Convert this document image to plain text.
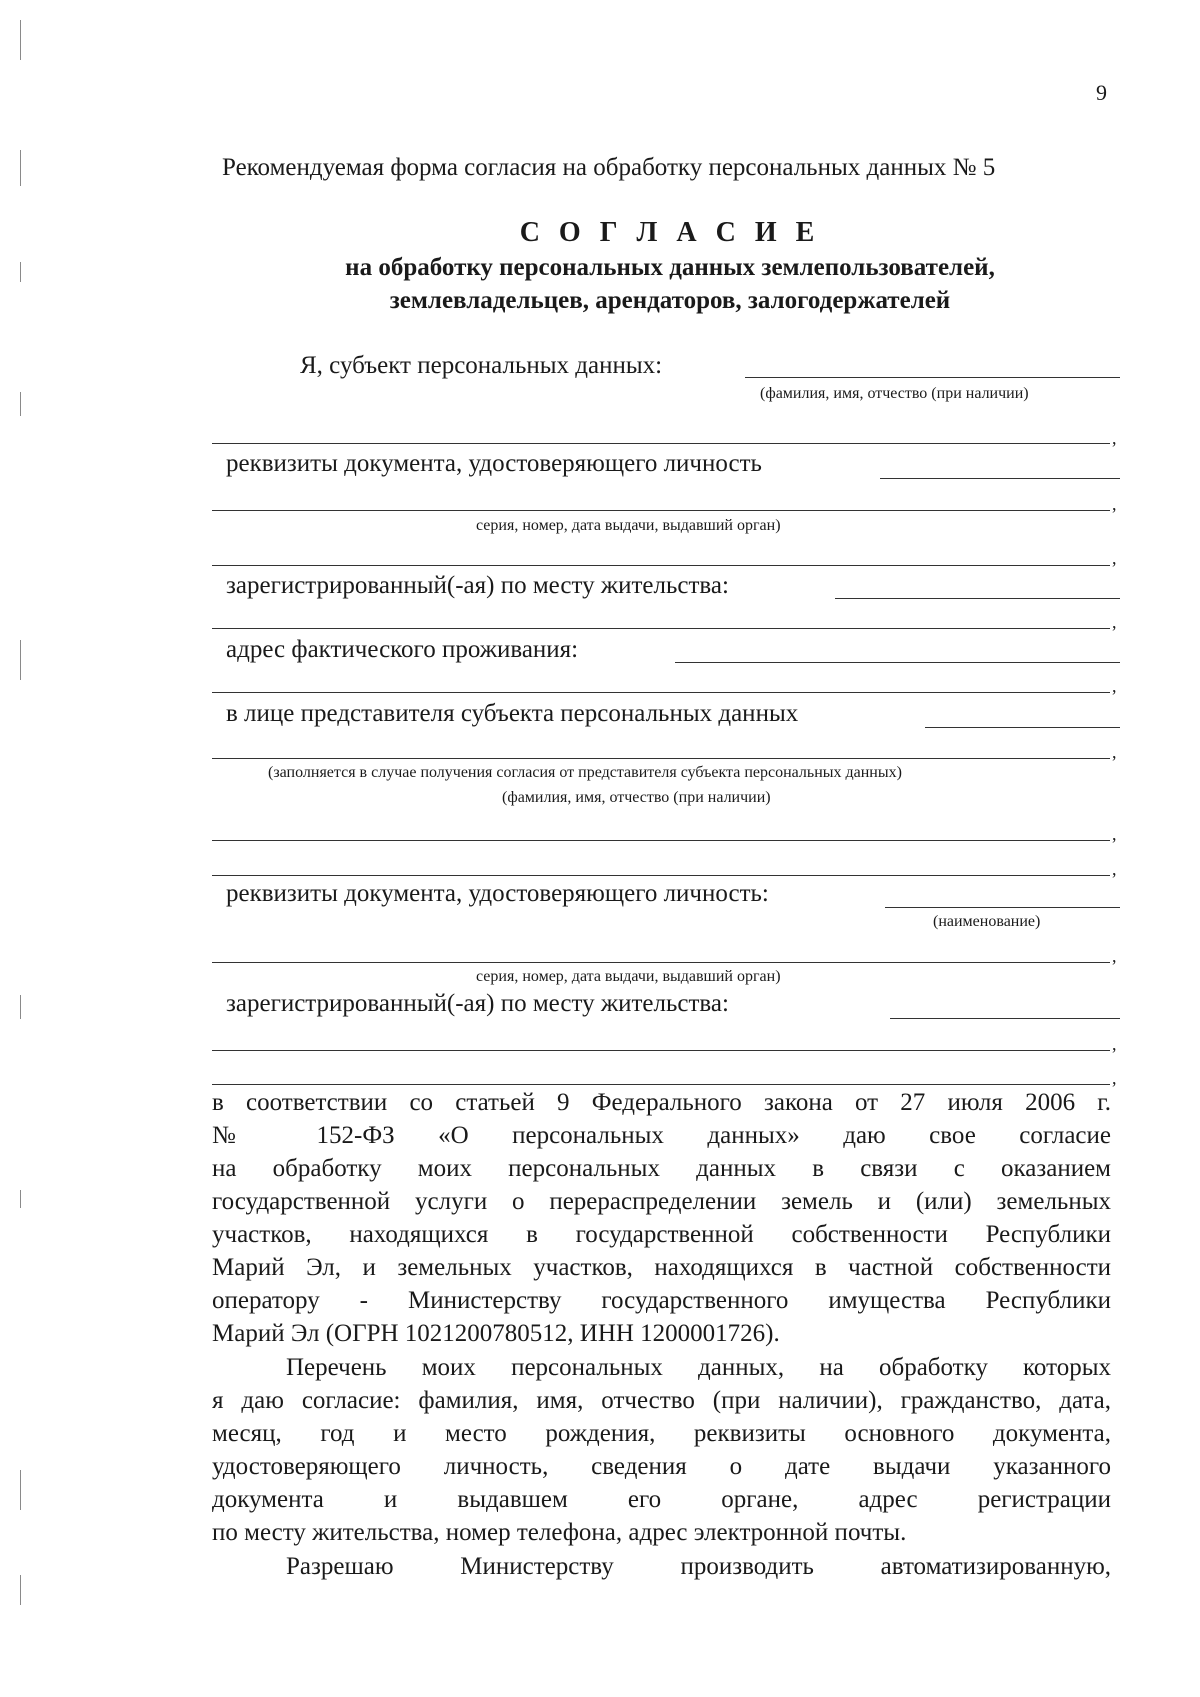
9
Рекомендуемая форма согласия на обработку персональных данных № 5
С О Г Л А С И Е
на обработку персональных данных землепользователей,
землевладельцев, арендаторов, залогодержателей
Я, субъект персональных данных:
(фамилия, имя, отчество (при наличии)
,
реквизиты документа, удостоверяющего личность
,
серия, номер, дата выдачи, выдавший орган)
,
зарегистрированный(-ая) по месту жительства:
,
адрес фактического проживания:
,
в лице представителя субъекта персональных данных
,
(заполняется в случае получения согласия от представителя субъекта персональных данных)
(фамилия, имя, отчество (при наличии)
,
,
реквизиты документа, удостоверяющего личность:
(наименование)
,
серия, номер, дата выдачи, выдавший орган)
зарегистрированный(-ая) по месту жительства:
,
,
в соответствии со статьей 9 Федерального закона от 27 июля 2006 г.
№ 152-ФЗ «О персональных данных» даю свое согласие
на обработку моих персональных данных в связи с оказанием
государственной услуги о перераспределении земель и (или) земельных
участков, находящихся в государственной собственности Республики
Марий Эл, и земельных участков, находящихся в частной собственности
оператору - Министерству государственного имущества Республики
Марий Эл (ОГРН 1021200780512, ИНН 1200001726).
Перечень моих персональных данных, на обработку которых
я даю согласие: фамилия, имя, отчество (при наличии), гражданство, дата,
месяц, год и место рождения, реквизиты основного документа,
удостоверяющего личность, сведения о дате выдачи указанного
документа и выдавшем его органе, адрес регистрации
по месту жительства, номер телефона, адрес электронной почты.
Разрешаю Министерству производить автоматизированную,
